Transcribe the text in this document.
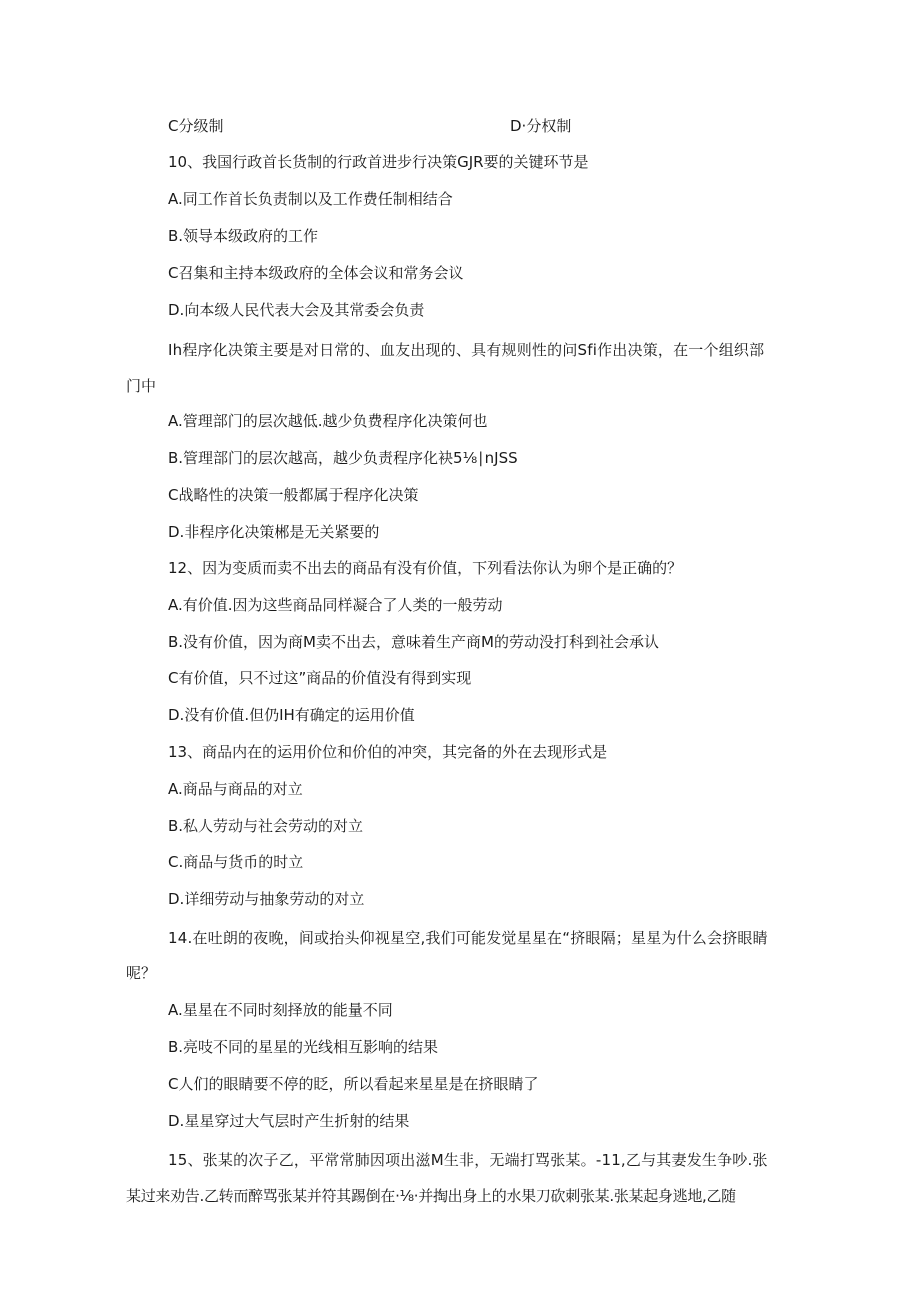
C分级制	D·分权制
10、我国行政首长货制的行政首进步行决策GJR要的关键环节是
A.同工作首长负责制以及工作费任制相结合
B.领导本级政府的工作
C召集和主持本级政府的全体会议和常务会议
D.向本级人民代表大会及其常委会负责
Ih程序化决策主要是对日常的、血友出现的、具有规则性的问Sfi作出决策，在一个组织部
门中
A.管理部门的层次越低.越少负费程序化决策何也
B.管理部门的层次越高，越少负责程序化袂5⅛∣nJSS
C战略性的决策一般都属于程序化决策
D.非程序化决策郴是无关紧要的
12、因为变质而卖不出去的商品有没有价值，下列看法你认为卵个是正确的？
A.有价值.因为这些商品同样凝合了人类的一般劳动
B.没有价值，因为商M卖不出去，意味着生产商M的劳动没打科到社会承认
C有价值，只不过这”商品的价值没有得到实现
D.没有价值.但仍IH有确定的运用价值
13、商品内在的运用价位和价伯的冲突，其完备的外在去现形式是
A.商品与商品的对立
B.私人劳动与社会劳动的对立
C.商品与货币的时立
D.详细劳动与抽象劳动的对立
14.在吐朗的夜晚，间或抬头仰视星空,我们可能发觉星星在“挤眼隔；星星为什么会挤眼睛
呢？
A.星星在不同时刻择放的能量不同
B.亮吱不同的星星的光线相互影响的结果
C人们的眼睛要不停的眨，所以看起来星星是在挤眼睛了
D.星星穿过大气层时产生折射的结果
15、张某的次子乙，平常常肺因项出滋M生非，无端打骂张某。-11,乙与其妻发生争吵.张
某过来劝告.乙转而醉骂张某并符其踢倒在·⅛·并掏出身上的水果刀砍刺张某.张某起身逃地,乙随
